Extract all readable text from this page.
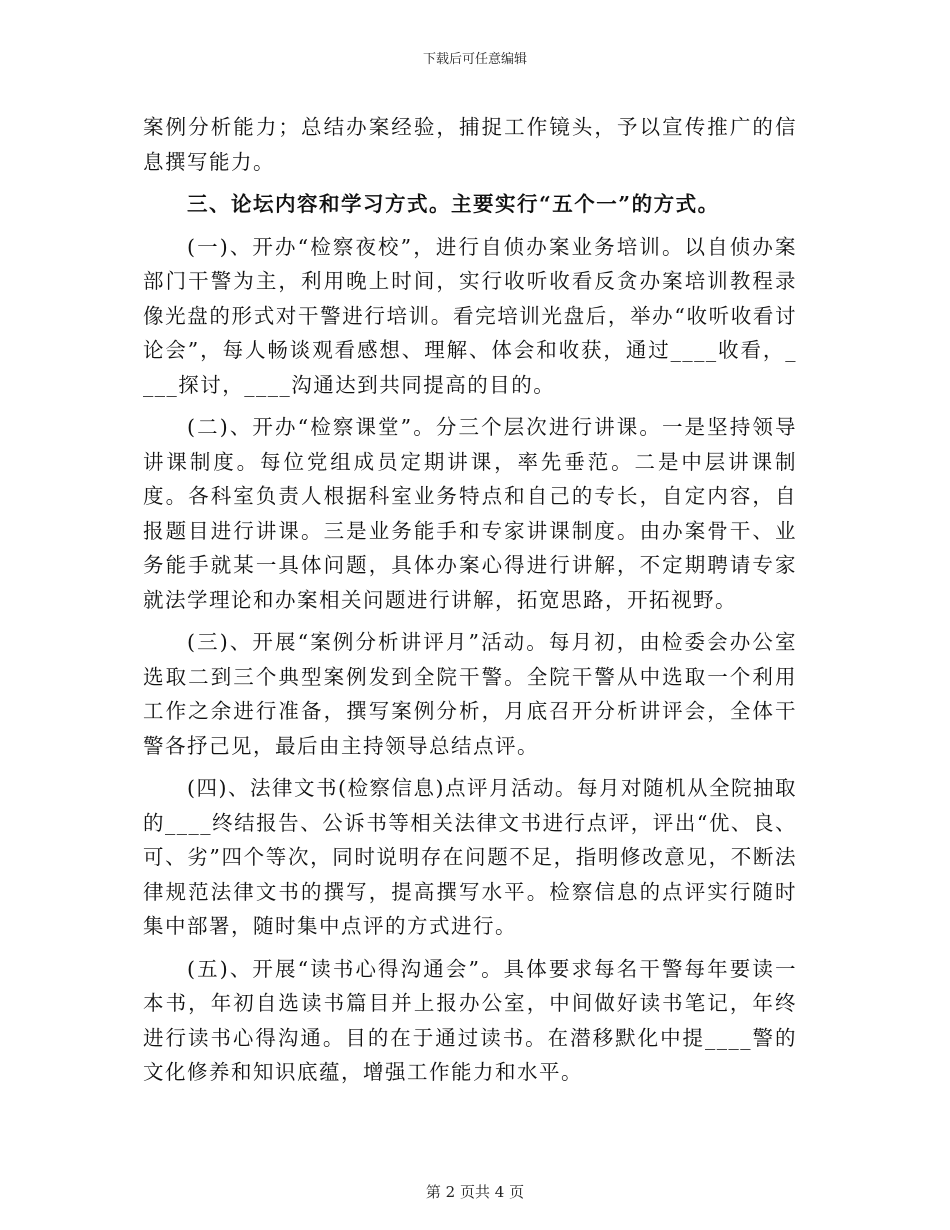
下载后可任意编辑

案例分析能力；总结办案经验，捕捉工作镜头，予以宣传推广的信息撰写能力。

三、论坛内容和学习方式。主要实行“五个一”的方式。

(一)、开办“检察夜校”，进行自侦办案业务培训。以自侦办案部门干警为主，利用晚上时间，实行收听收看反贪办案培训教程录像光盘的形式对干警进行培训。看完培训光盘后，举办“收听收看讨论会”，每人畅谈观看感想、理解、体会和收获，通过____收看，____探讨，____沟通达到共同提高的目的。

(二)、开办“检察课堂”。分三个层次进行讲课。一是坚持领导讲课制度。每位党组成员定期讲课，率先垂范。二是中层讲课制度。各科室负责人根据科室业务特点和自己的专长，自定内容，自报题目进行讲课。三是业务能手和专家讲课制度。由办案骨干、业务能手就某一具体问题，具体办案心得进行讲解，不定期聘请专家就法学理论和办案相关问题进行讲解，拓宽思路，开拓视野。

(三)、开展“案例分析讲评月”活动。每月初，由检委会办公室选取二到三个典型案例发到全院干警。全院干警从中选取一个利用工作之余进行准备，撰写案例分析，月底召开分析讲评会，全体干警各抒己见，最后由主持领导总结点评。

(四)、法律文书(检察信息)点评月活动。每月对随机从全院抽取的____终结报告、公诉书等相关法律文书进行点评，评出“优、良、可、劣”四个等次，同时说明存在问题不足，指明修改意见，不断法律规范法律文书的撰写，提高撰写水平。检察信息的点评实行随时集中部署，随时集中点评的方式进行。

(五)、开展“读书心得沟通会”。具体要求每名干警每年要读一本书，年初自选读书篇目并上报办公室，中间做好读书笔记，年终进行读书心得沟通。目的在于通过读书。在潜移默化中提____警的文化修养和知识底蕴，增强工作能力和水平。

第 2 页共 4 页
